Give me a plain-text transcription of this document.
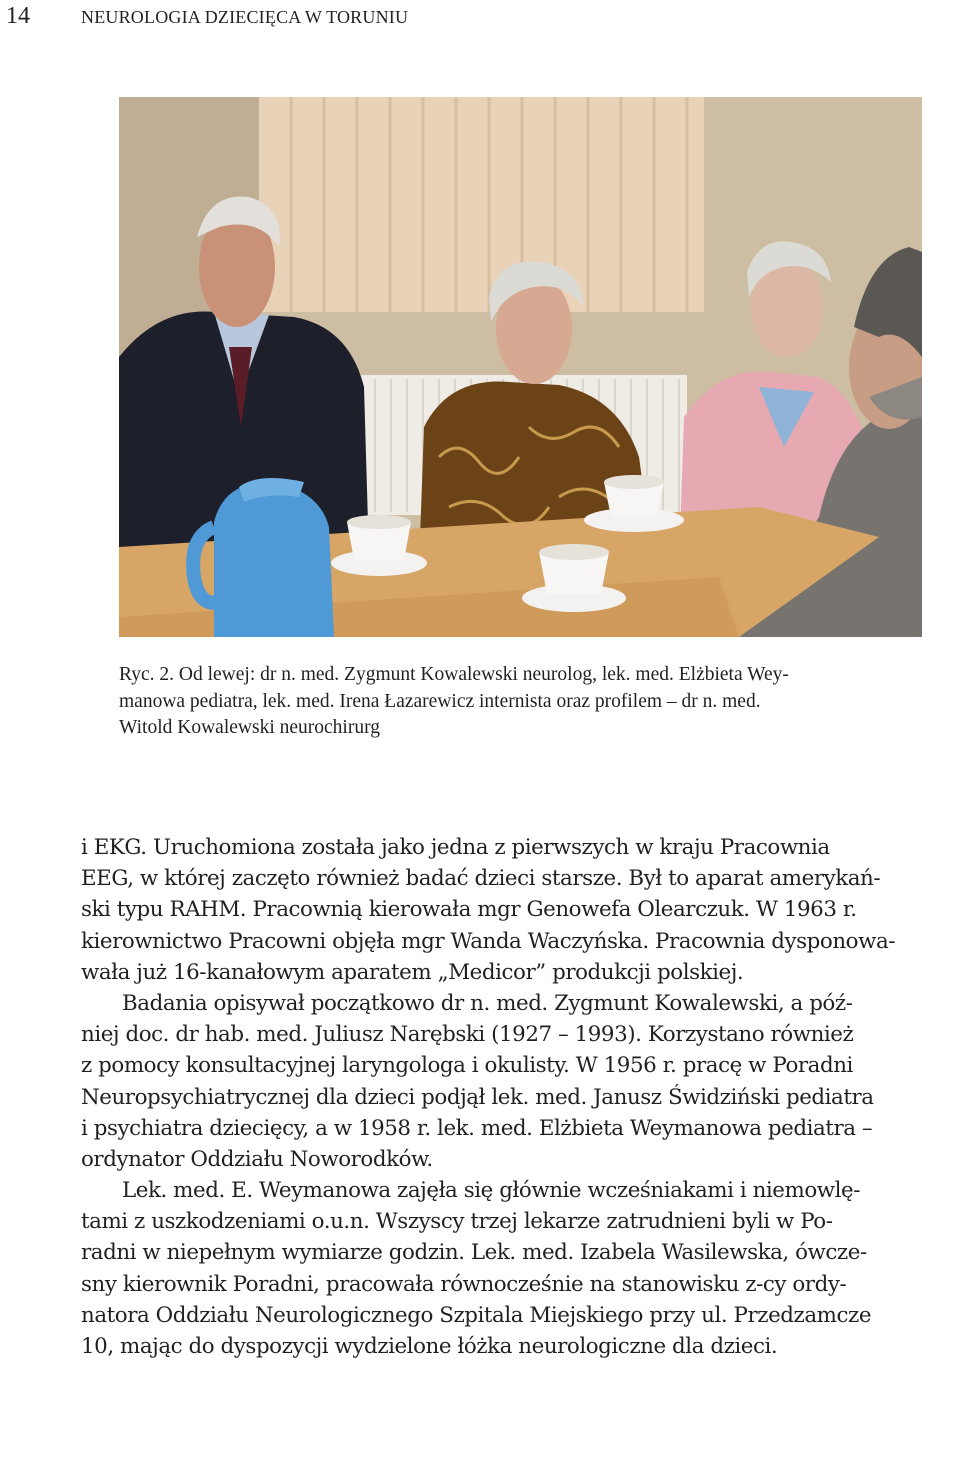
14	NEUROLOGIA DZIECIĘCA W TORUNIU

Ryc. 2. Od lewej: dr n. med. Zygmunt Kowalewski neurolog, lek. med. Elżbieta Wey-

manowa pediatra, lek. med. Irena Łazarewicz internista oraz profilem – dr n. med.

Witold Kowalewski neurochirurg

i EKG. Uruchomiona została jako jedna z pierwszych w kraju Pracownia
EEG, w której zaczęto również badać dzieci starsze. Był to aparat amerykań-
ski typu RAHM. Pracownią kierowała mgr Genowefa Olearczuk. W 1963 r.
kierownictwo Pracowni objęła mgr Wanda Waczyńska. Pracownia dysponowa-
wała już 16-kanałowym aparatem „Medicor” produkcji polskiej.
Badania opisywał początkowo dr n. med. Zygmunt Kowalewski, a póź-
niej doc. dr hab. med. Juliusz Narębski (1927 – 1993). Korzystano również
z pomocy konsultacyjnej laryngologa i okulisty. W 1956 r. pracę w Poradni
Neuropsychiatrycznej dla dzieci podjął lek. med. Janusz Świdziński pediatra
i psychiatra dziecięcy, a w 1958 r. lek. med. Elżbieta Weymanowa pediatra –
ordynator Oddziału Noworodków.
Lek. med. E. Weymanowa zajęła się głównie wcześniakami i niemowlę-
tami z uszkodzeniami o.u.n. Wszyscy trzej lekarze zatrudnieni byli w Po-
radni w niepełnym wymiarze godzin. Lek. med. Izabela Wasilewska, ówcze-
sny kierownik Poradni, pracowała równocześnie na stanowisku z-cy ordy-
natora Oddziału Neurologicznego Szpitala Miejskiego przy ul. Przedzamcze
10, mając do dyspozycji wydzielone łóżka neurologiczne dla dzieci.
